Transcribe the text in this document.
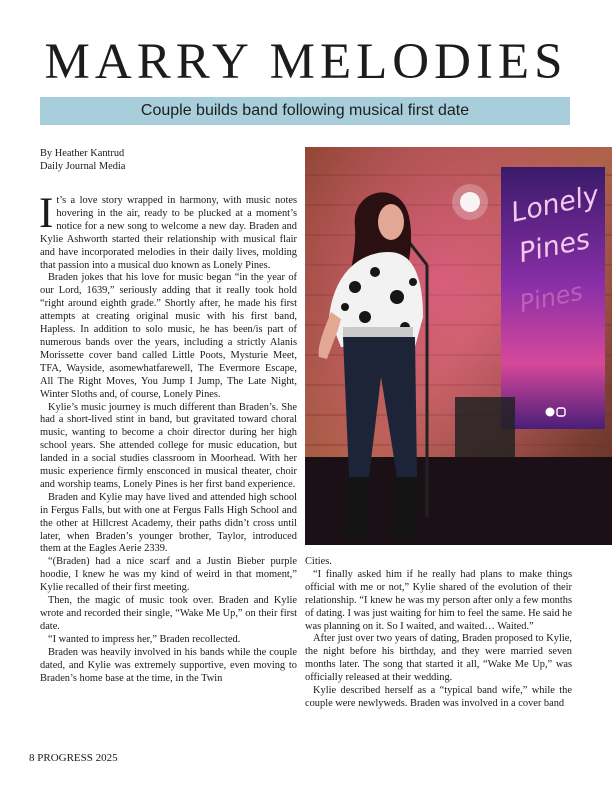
MARRY MELODIES
Couple builds band following musical first date
By Heather Kantrud
Daily Journal Media

It’s a love story wrapped in harmony, with music notes hovering in the air, ready to be plucked at a moment’s notice for a new song to welcome a new day. Braden and Kylie Ashworth started their relationship with musical flair and have incorporated melodies in their daily lives, molding that passion into a musical duo known as Lonely Pines.

Braden jokes that his love for music began “in the year of our Lord, 1639,” seriously adding that it really took hold “right around eighth grade.” Shortly after, he made his first attempts at creating original music with his first band, Hapless. In addition to solo music, he has been/is part of numerous bands over the years, including a strictly Alanis Morissette cover band called Little Poots, Mysturie Meet, TFA, Wayside, asomewhatfarewell, The Evermore Escape, All The Right Moves, You Jump I Jump, The Late Night, Winter Sloths and, of course, Lonely Pines.

Kylie’s music journey is much different than Braden’s. She had a short-lived stint in band, but gravitated toward choral music, wanting to become a choir director during her high school years. She attended college for music education, but landed in a social studies classroom in Moorhead. With her music experience firmly ensconced in musical theater, choir and worship teams, Lonely Pines is her first band experience.

Braden and Kylie may have lived and attended high school in Fergus Falls, but with one at Fergus Falls High School and the other at Hillcrest Academy, their paths didn’t cross until later, when Braden’s younger brother, Taylor, introduced them at the Eagles Aerie 2339.

“(Braden) had a nice scarf and a Justin Bieber purple hoodie, I knew he was my kind of weird in that moment,” Kylie recalled of their first meeting.

Then, the magic of music took over. Braden and Kylie wrote and recorded their single, “Wake Me Up,” on their first date.

“I wanted to impress her,” Braden recollected.

Braden was heavily involved in his bands while the couple dated, and Kylie was extremely supportive, even moving to Braden’s home base at the time, in the Twin

Lonely
Pines
Pines

Cities.

“I finally asked him if he really had plans to make things official with me or not,” Kylie shared of the evolution of their relationship. “I knew he was my person after only a few months of dating. I was just waiting for him to feel the same. He said he was planning on it. So I waited, and waited… Waited.”

After just over two years of dating, Braden proposed to Kylie, the night before his birthday, and they were married seven months later. The song that started it all, “Wake Me Up,” was officially released at their wedding.

Kylie described herself as a “typical band wife,” while the couple were newlyweds. Braden was involved in a cover band

8 PROGRESS 2025
